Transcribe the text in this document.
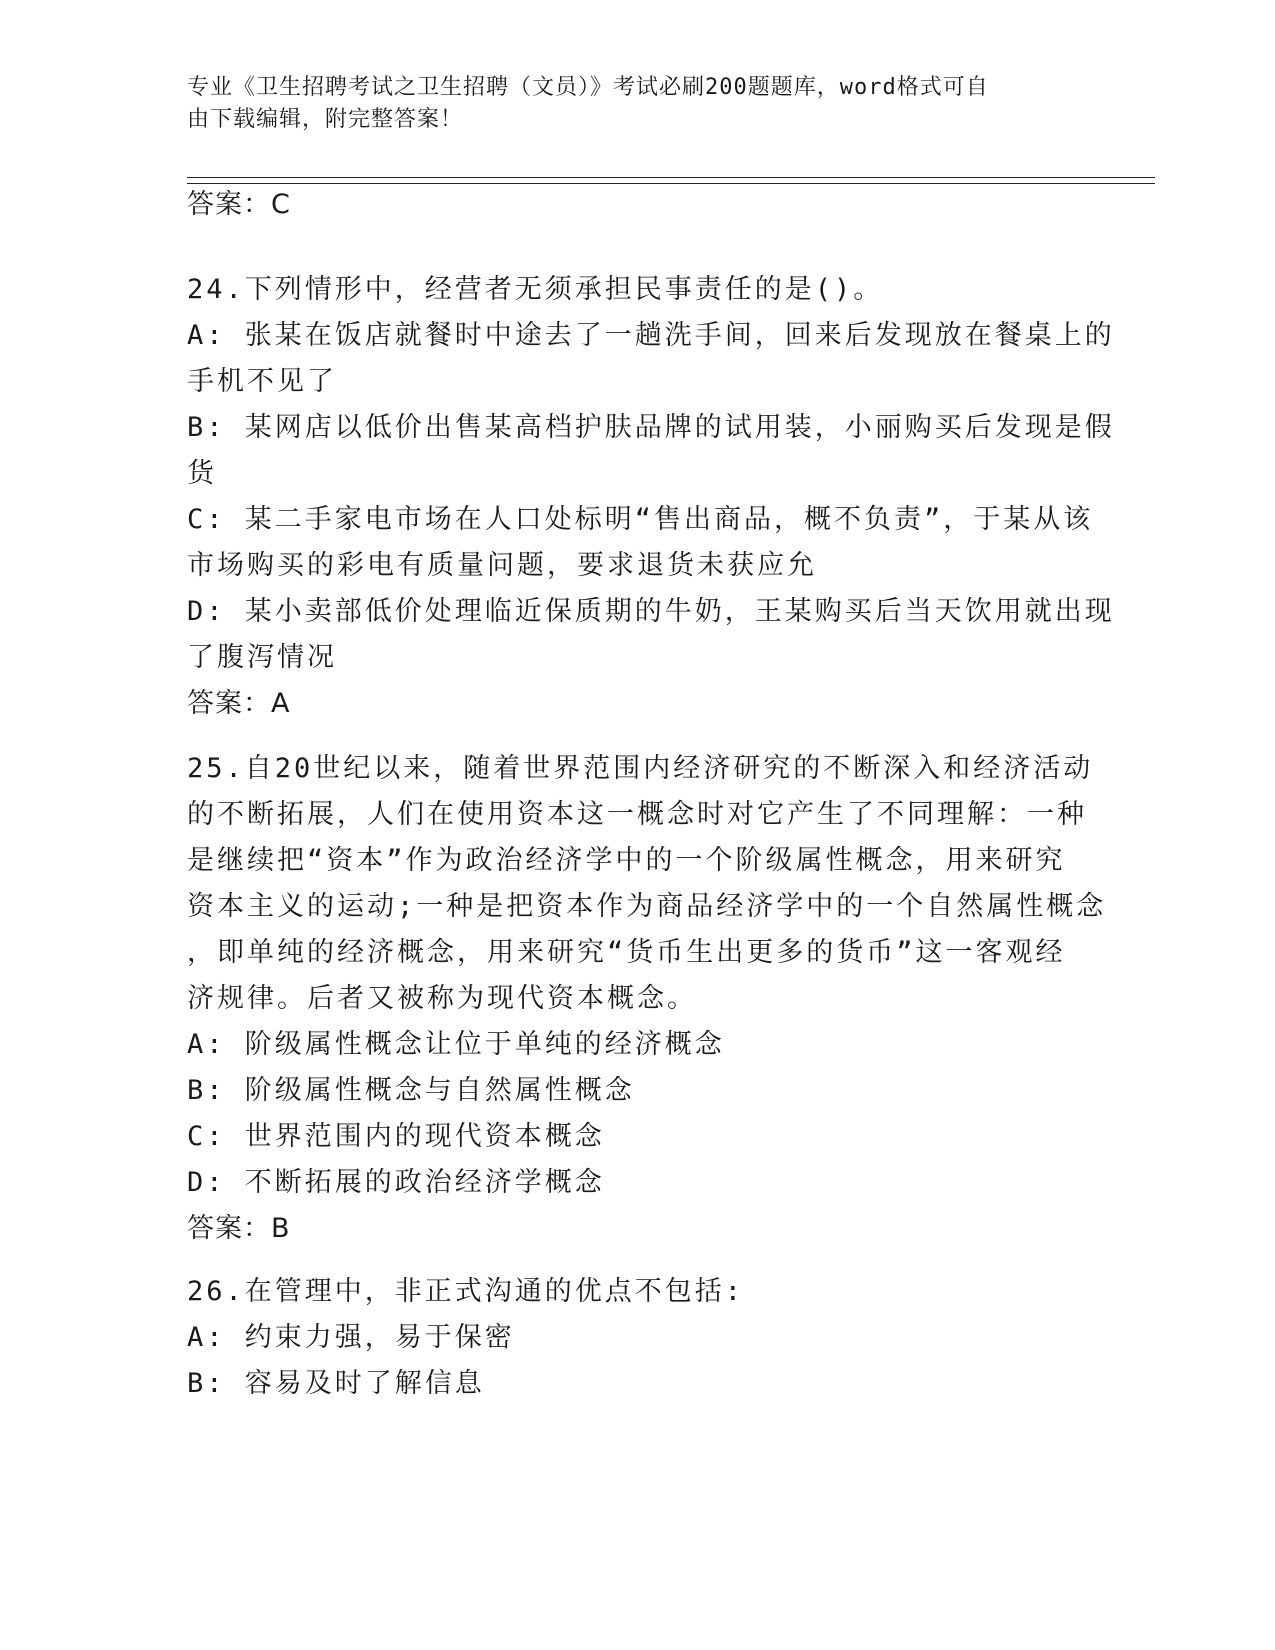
专业《卫生招聘考试之卫生招聘（文员）》考试必刷200题题库，word格式可自
由下载编辑，附完整答案！
答案：C
24.下列情形中，经营者无须承担民事责任的是()。
A: 张某在饭店就餐时中途去了一趟洗手间，回来后发现放在餐桌上的
手机不见了
B: 某网店以低价出售某高档护肤品牌的试用装，小丽购买后发现是假
货
C: 某二手家电市场在人口处标明“售出商品，概不负责”，于某从该
市场购买的彩电有质量问题，要求退货未获应允
D: 某小卖部低价处理临近保质期的牛奶，王某购买后当天饮用就出现
了腹泻情况
答案：A
25.自20世纪以来，随着世界范围内经济研究的不断深入和经济活动
的不断拓展，人们在使用资本这一概念时对它产生了不同理解：一种
是继续把“资本”作为政治经济学中的一个阶级属性概念，用来研究
资本主义的运动;一种是把资本作为商品经济学中的一个自然属性概念
，即单纯的经济概念，用来研究“货币生出更多的货币”这一客观经
济规律。后者又被称为现代资本概念。
A: 阶级属性概念让位于单纯的经济概念
B: 阶级属性概念与自然属性概念
C: 世界范围内的现代资本概念
D: 不断拓展的政治经济学概念
答案：B
26.在管理中，非正式沟通的优点不包括:
A: 约束力强，易于保密
B: 容易及时了解信息
